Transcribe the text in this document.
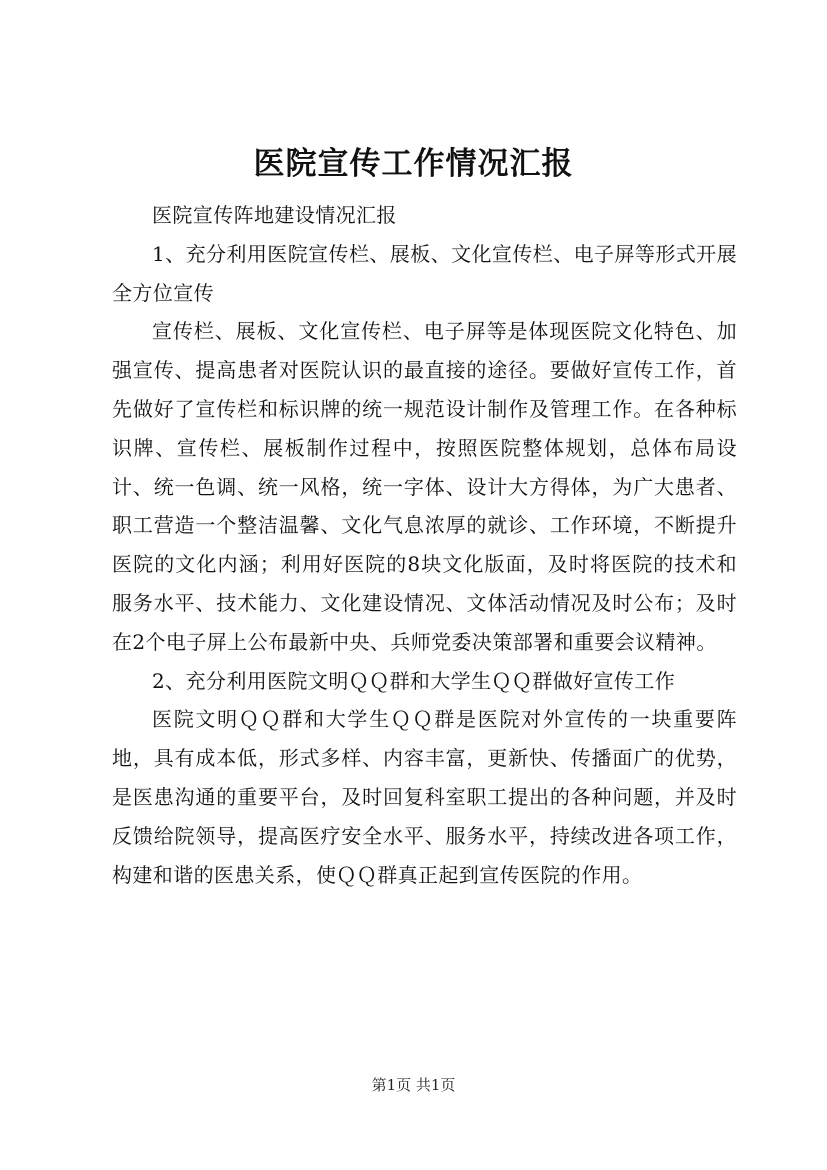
医院宣传工作情况汇报

医院宣传阵地建设情况汇报

1、充分利用医院宣传栏、展板、文化宣传栏、电子屏等形式开展全方位宣传

宣传栏、展板、文化宣传栏、电子屏等是体现医院文化特色、加强宣传、提高患者对医院认识的最直接的途径。要做好宣传工作，首先做好了宣传栏和标识牌的统一规范设计制作及管理工作。在各种标识牌、宣传栏、展板制作过程中，按照医院整体规划，总体布局设计、统一色调、统一风格，统一字体、设计大方得体，为广大患者、职工营造一个整洁温馨、文化气息浓厚的就诊、工作环境，不断提升医院的文化内涵；利用好医院的8块文化版面，及时将医院的技术和服务水平、技术能力、文化建设情况、文体活动情况及时公布；及时在2个电子屏上公布最新中央、兵师党委决策部署和重要会议精神。

2、充分利用医院文明ＱＱ群和大学生ＱＱ群做好宣传工作

医院文明ＱＱ群和大学生ＱＱ群是医院对外宣传的一块重要阵地，具有成本低，形式多样、内容丰富，更新快、传播面广的优势，是医患沟通的重要平台，及时回复科室职工提出的各种问题，并及时反馈给院领导，提高医疗安全水平、服务水平，持续改进各项工作，构建和谐的医患关系，使ＱＱ群真正起到宣传医院的作用。

第1页 共1页
